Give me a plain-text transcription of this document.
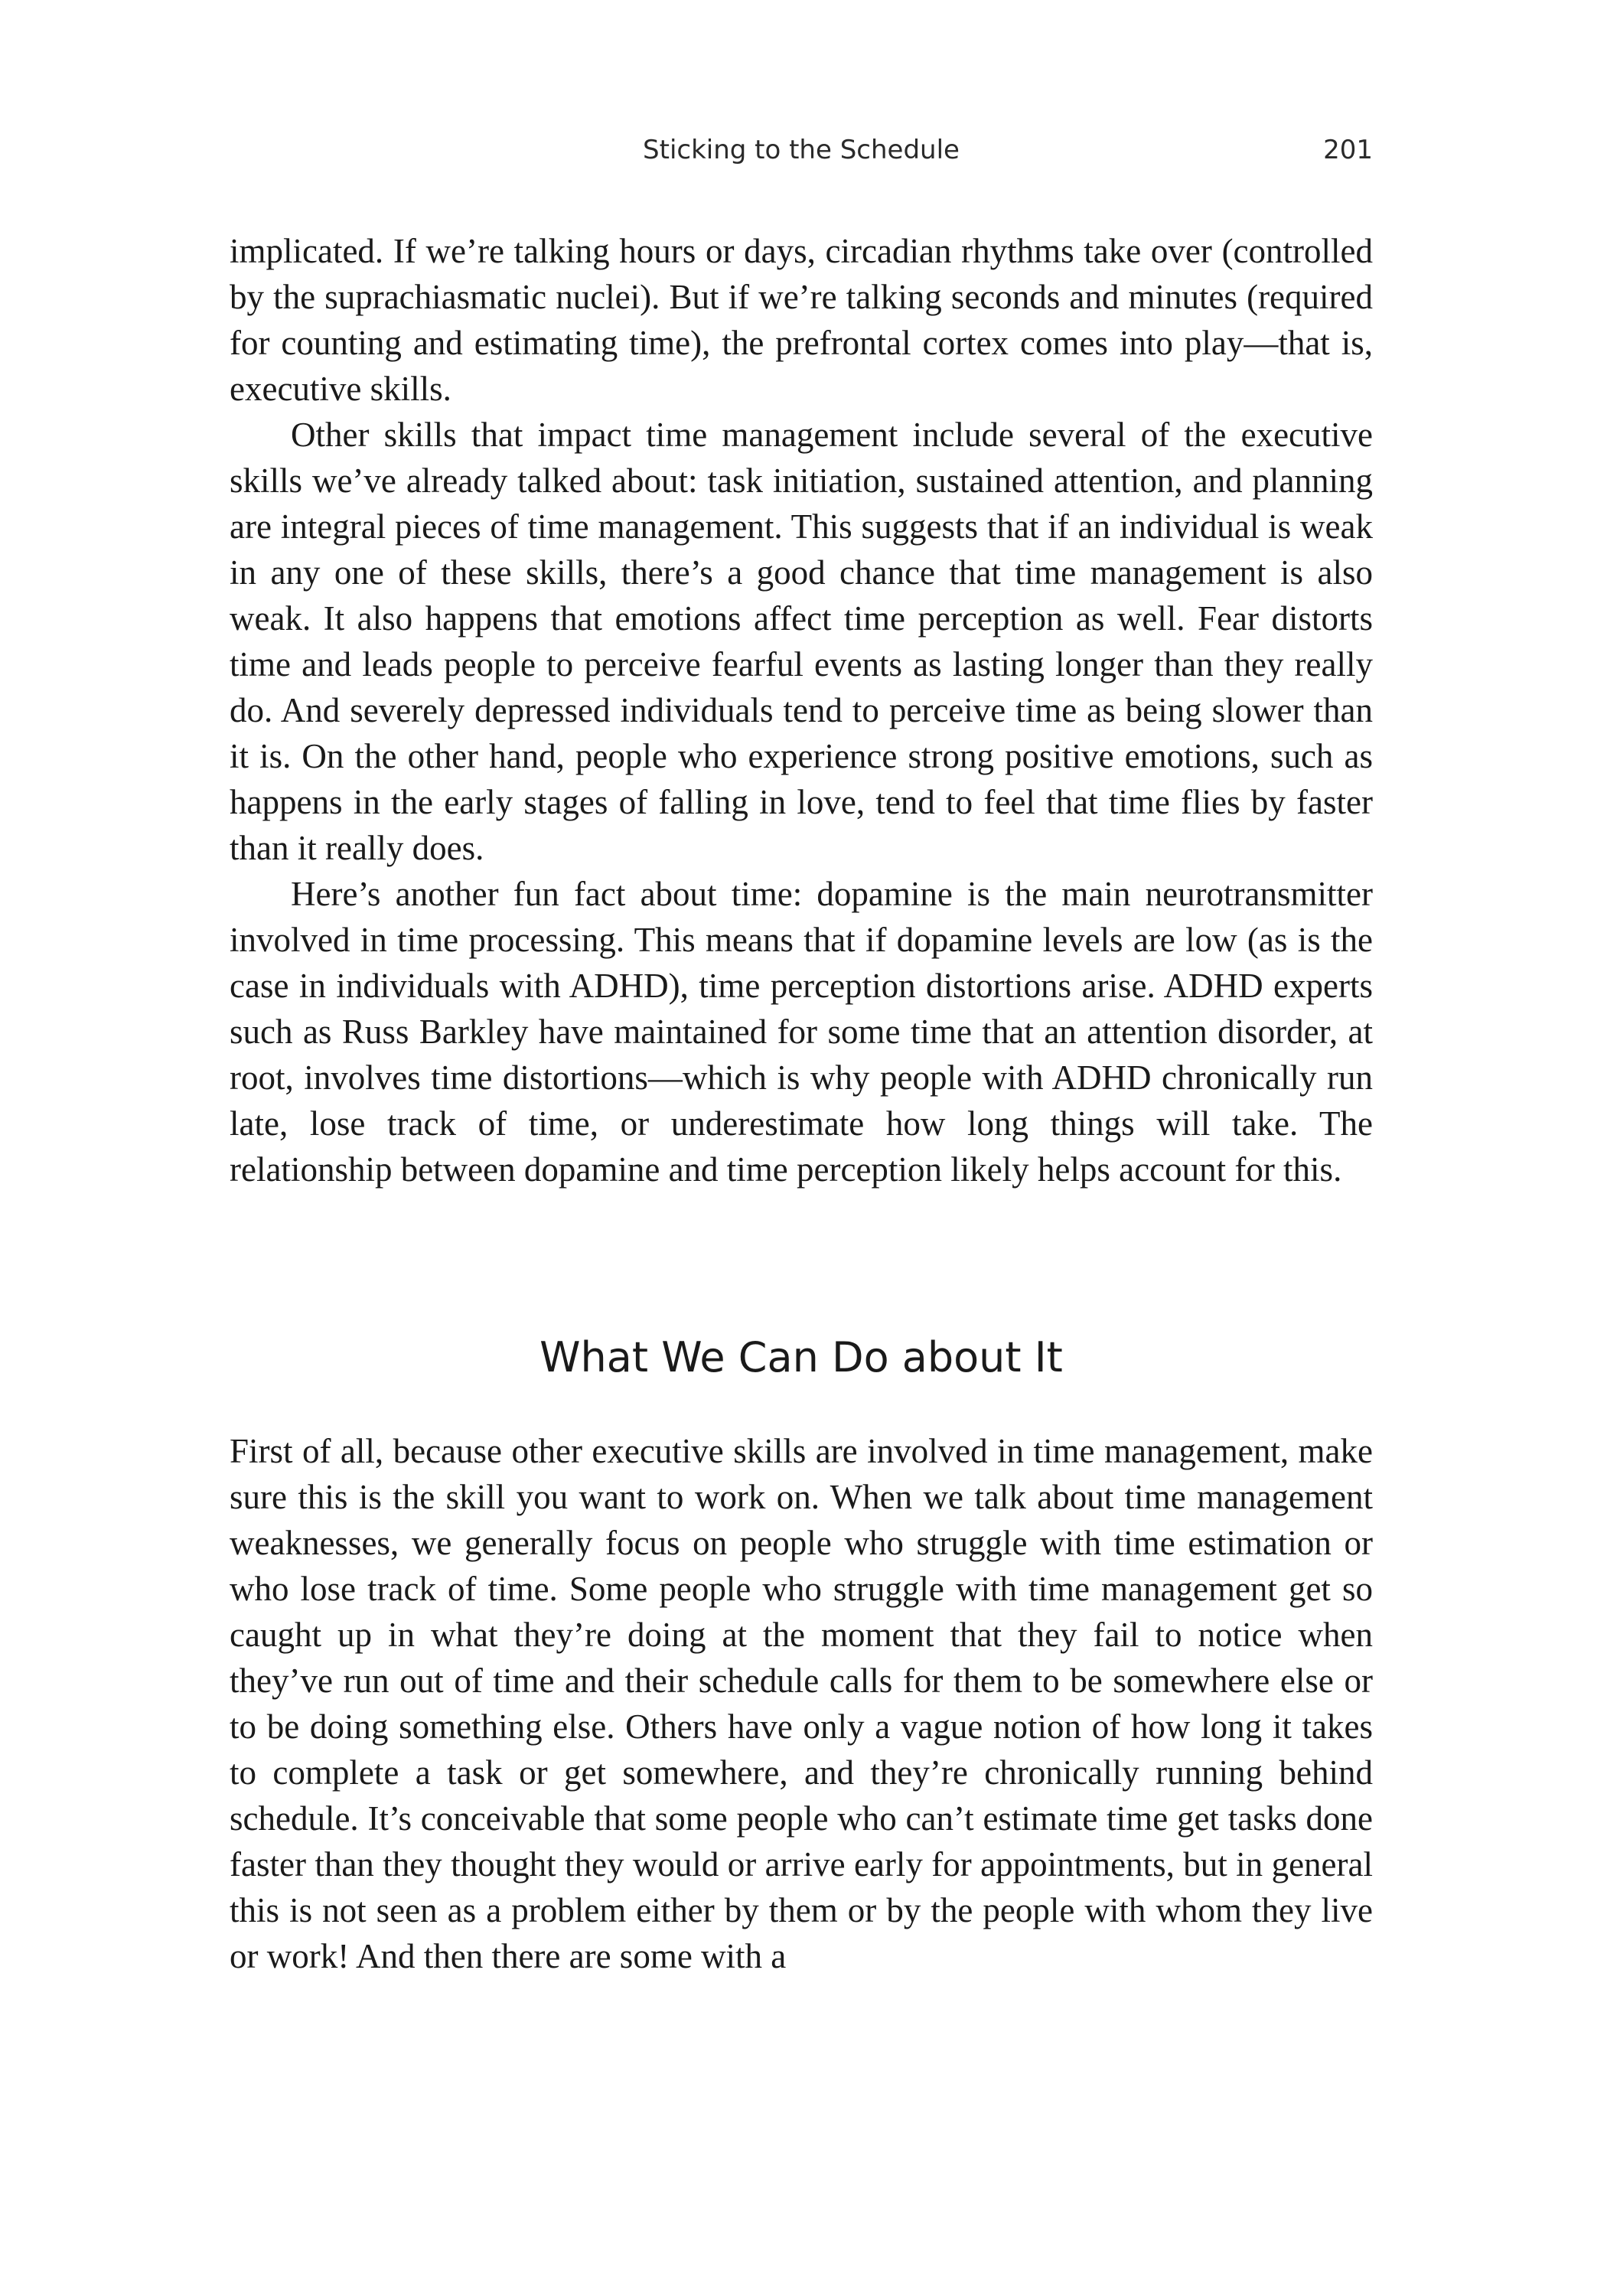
Sticking to the Schedule	201

implicated. If we’re talking hours or days, circadian rhythms take over (controlled by the suprachiasmatic nuclei). But if we’re talking seconds and minutes (required for counting and estimating time), the prefrontal cortex comes into play—that is, executive skills.

Other skills that impact time management include several of the executive skills we’ve already talked about: task initiation, sustained attention, and planning are integral pieces of time management. This suggests that if an individual is weak in any one of these skills, there’s a good chance that time management is also weak. It also happens that emotions affect time perception as well. Fear distorts time and leads people to perceive fearful events as lasting longer than they really do. And severely depressed individuals tend to perceive time as being slower than it is. On the other hand, people who experience strong positive emotions, such as happens in the early stages of falling in love, tend to feel that time flies by faster than it really does.

Here’s another fun fact about time: dopamine is the main neurotransmitter involved in time processing. This means that if dopamine levels are low (as is the case in individuals with ADHD), time perception distortions arise. ADHD experts such as Russ Barkley have maintained for some time that an attention disorder, at root, involves time distortions—which is why people with ADHD chronically run late, lose track of time, or underestimate how long things will take. The relationship between dopamine and time perception likely helps account for this.

What We Can Do about It

First of all, because other executive skills are involved in time management, make sure this is the skill you want to work on. When we talk about time management weaknesses, we generally focus on people who struggle with time estimation or who lose track of time. Some people who struggle with time management get so caught up in what they’re doing at the moment that they fail to notice when they’ve run out of time and their schedule calls for them to be somewhere else or to be doing something else. Others have only a vague notion of how long it takes to complete a task or get somewhere, and they’re chronically running behind schedule. It’s conceivable that some people who can’t estimate time get tasks done faster than they thought they would or arrive early for appointments, but in general this is not seen as a problem either by them or by the people with whom they live or work! And then there are some with a
